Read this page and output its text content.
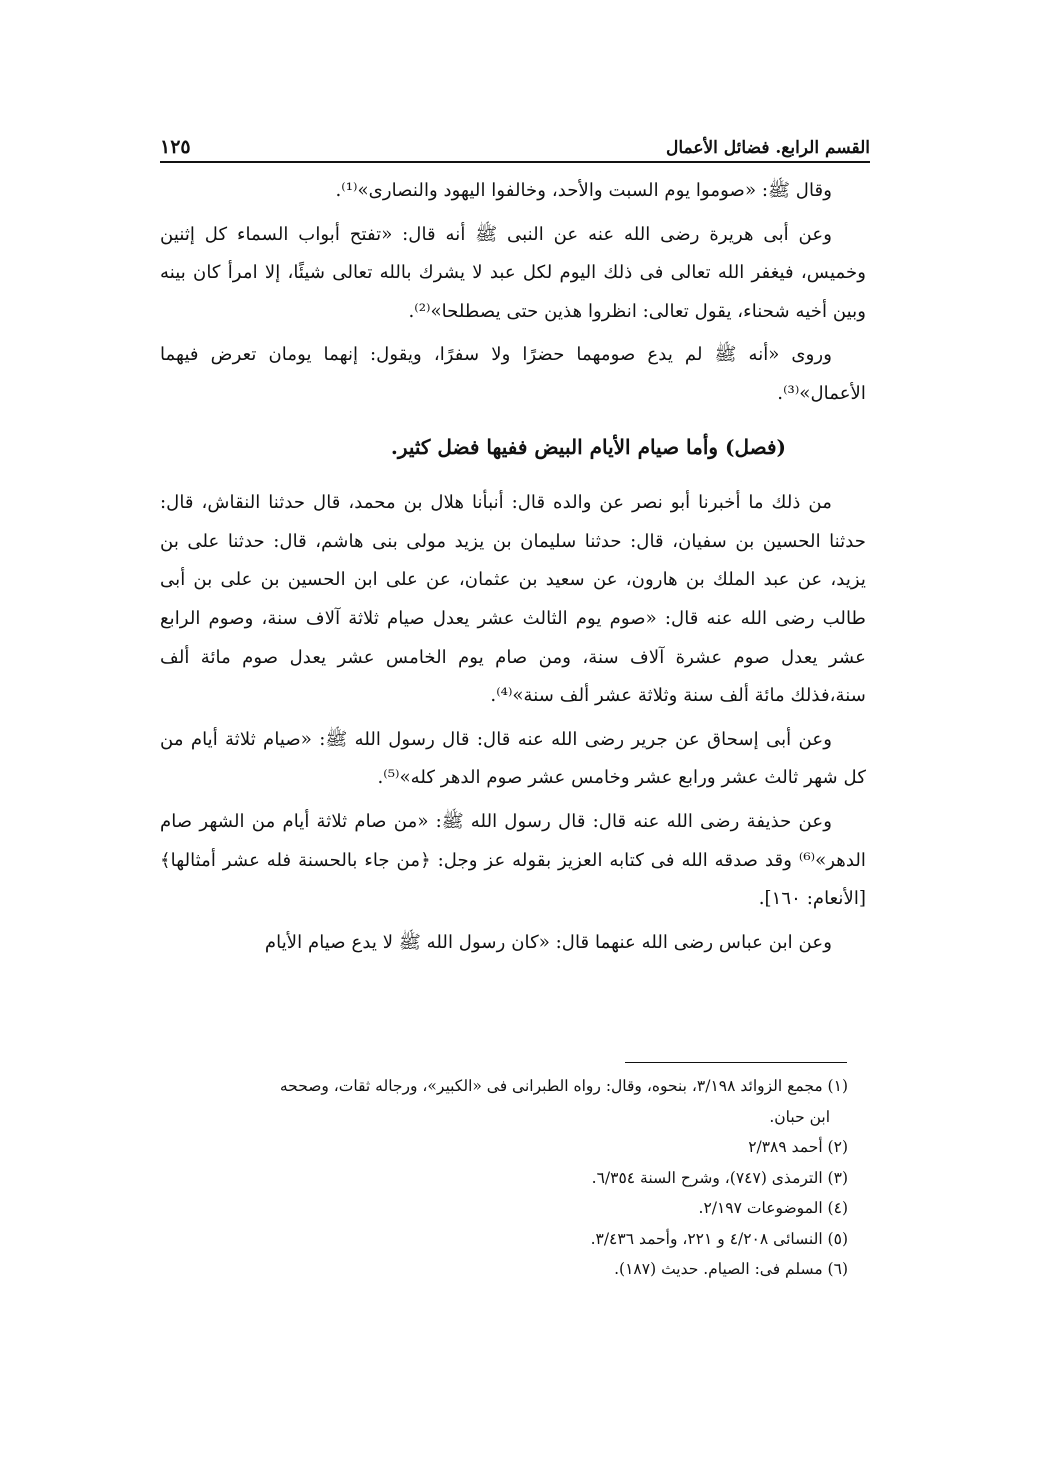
القسم الرابع. فضائل الأعمال
١٢٥

وقال ﷺ: «صوموا يوم السبت والأحد، وخالفوا اليهود والنصارى»⁽¹⁾.

وعن أبى هريرة رضى الله عنه عن النبى ﷺ أنه قال: «تفتح أبواب السماء كل إثنين وخميس، فيغفر الله تعالى فى ذلك اليوم لكل عبد لا يشرك بالله تعالى شيئًا، إلا امرأ كان بينه وبين أخيه شحناء، يقول تعالى: انظروا هذين حتى يصطلحا»⁽²⁾.

وروى «أنه ﷺ لم يدع صومهما حضرًا ولا سفرًا، ويقول: إنهما يومان تعرض فيهما الأعمال»⁽³⁾.

(فصل) وأما صيام الأيام البيض ففيها فضل كثير.

من ذلك ما أخبرنا أبو نصر عن والده قال: أنبأنا هلال بن محمد، قال حدثنا النقاش، قال: حدثنا الحسين بن سفيان، قال: حدثنا سليمان بن يزيد مولى بنى هاشم، قال: حدثنا على بن يزيد، عن عبد الملك بن هارون، عن سعيد بن عثمان، عن على ابن الحسين بن على بن أبى طالب رضى الله عنه قال: «صوم يوم الثالث عشر يعدل صيام ثلاثة آلاف سنة، وصوم الرابع عشر يعدل صوم عشرة آلاف سنة، ومن صام يوم الخامس عشر يعدل صوم مائة ألف سنة،فذلك مائة ألف سنة وثلاثة عشر ألف سنة»⁽⁴⁾.

وعن أبى إسحاق عن جرير رضى الله عنه قال: قال رسول الله ﷺ: «صيام ثلاثة أيام من كل شهر ثالث عشر ورابع عشر وخامس عشر صوم الدهر كله»⁽⁵⁾.

وعن حذيفة رضى الله عنه قال: قال رسول الله ﷺ: «من صام ثلاثة أيام من الشهر صام الدهر»⁽⁶⁾ وقد صدقه الله فى كتابه العزيز بقوله عز وجل: ﴿من جاء بالحسنة فله عشر أمثالها﴾ [الأنعام: ١٦٠].

وعن ابن عباس رضى الله عنهما قال: «كان رسول الله ﷺ لا يدع صيام الأيام

(١) مجمع الزوائد ٣/١٩٨، بنحوه، وقال: رواه الطبرانى فى «الكبير»، ورجاله ثقات، وصححه

ابن حبان.

(٢) أحمد ٢/٣٨٩

(٣) الترمذى (٧٤٧)، وشرح السنة ٦/٣٥٤.

(٤) الموضوعات ٢/١٩٧.

(٥) النسائى ٤/٢٠٨ و ٢٢١، وأحمد ٣/٤٣٦.

(٦) مسلم فى: الصيام. حديث (١٨٧).
